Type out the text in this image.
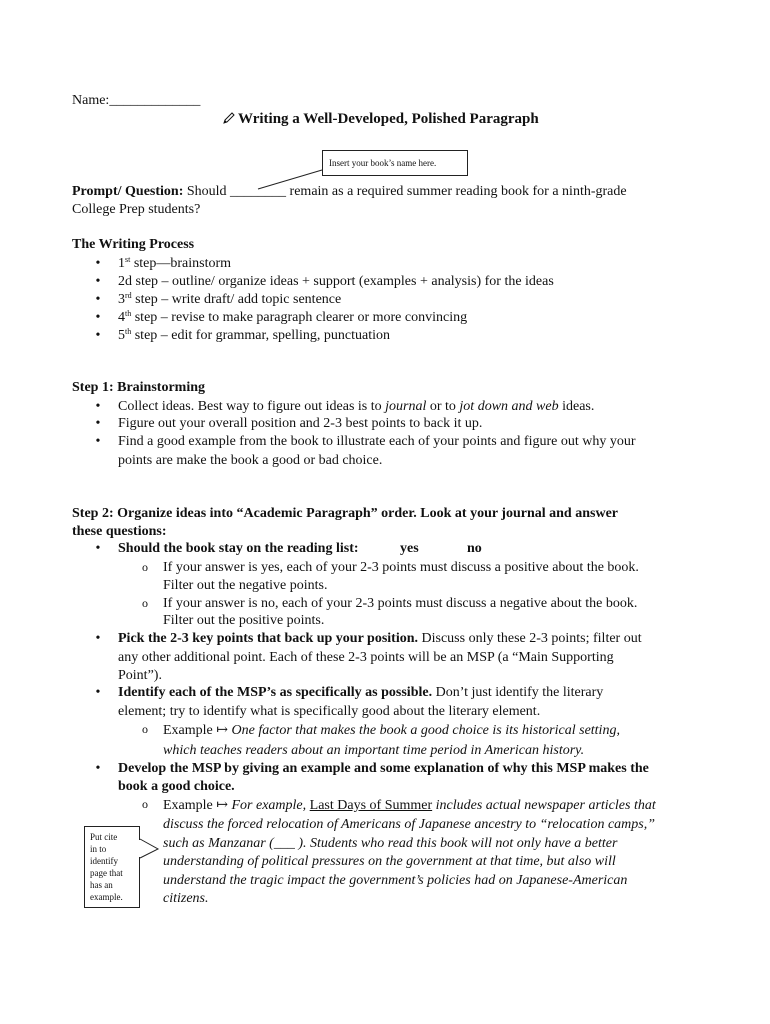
Name:_____________
Writing a Well-Developed, Polished Paragraph
Insert your book’s name here.
Prompt/ Question: Should ________ remain as a required summer reading book for a ninth-grade
College Prep students?
The Writing Process
• 1st step—brainstorm
• 2d step – outline/ organize ideas + support (examples + analysis) for the ideas
• 3rd step – write draft/ add topic sentence
• 4th step – revise to make paragraph clearer or more convincing
• 5th step – edit for grammar, spelling, punctuation
Step 1: Brainstorming
• Collect ideas. Best way to figure out ideas is to journal or to jot down and web ideas.
• Figure out your overall position and 2-3 best points to back it up.
• Find a good example from the book to illustrate each of your points and figure out why your
points are make the book a good or bad choice.
Step 2: Organize ideas into “Academic Paragraph” order. Look at your journal and answer
these questions:
• Should the book stay on the reading list:	yes	no
o If your answer is yes, each of your 2-3 points must discuss a positive about the book.
Filter out the negative points.
o If your answer is no, each of your 2-3 points must discuss a negative about the book.
Filter out the positive points.
• Pick the 2-3 key points that back up your position. Discuss only these 2-3 points; filter out
any other additional point. Each of these 2-3 points will be an MSP (a “Main Supporting
Point”).
• Identify each of the MSP’s as specifically as possible. Don’t just identify the literary
element; try to identify what is specifically good about the literary element.
o Example ↦ One factor that makes the book a good choice is its historical setting,
which teaches readers about an important time period in American history.
• Develop the MSP by giving an example and some explanation of why this MSP makes the
book a good choice.
o Example ↦ For example, Last Days of Summer includes actual newspaper articles that
discuss the forced relocation of Americans of Japanese ancestry to “relocation camps,”
such as Manzanar (___ ). Students who read this book will not only have a better
understanding of political pressures on the government at that time, but also will
understand the tragic impact the government’s policies had on Japanese-American
citizens.
Put cite
in to
identify
page that
has an
example.
